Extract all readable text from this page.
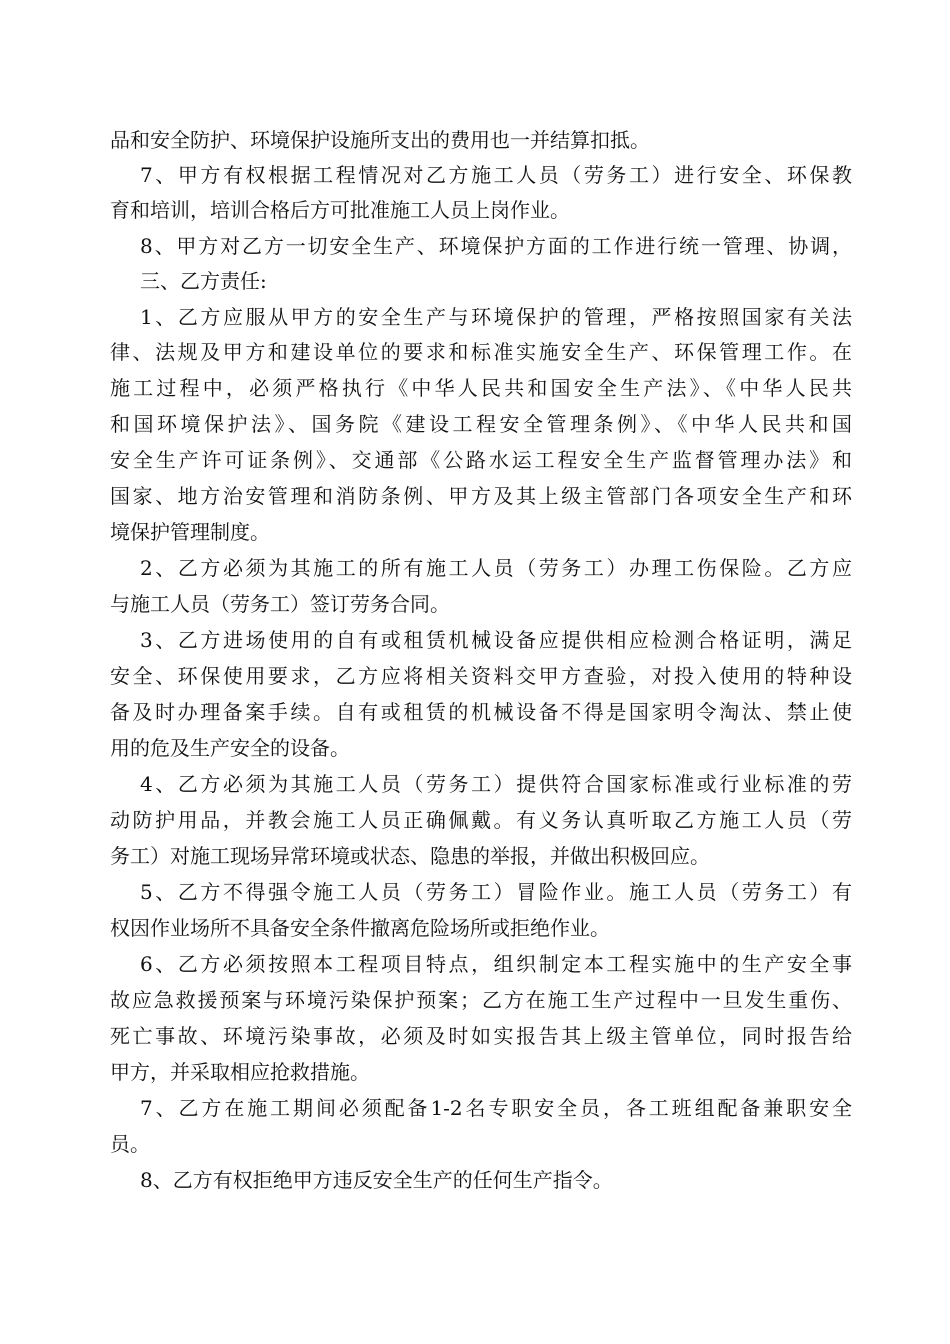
品和安全防护、环境保护设施所支出的费用也一并结算扣抵。
7、甲方有权根据工程情况对乙方施工人员（劳务工）进行安全、环保教
育和培训，培训合格后方可批准施工人员上岗作业。
8、甲方对乙方一切安全生产、环境保护方面的工作进行统一管理、协调，
三、乙方责任:
1、乙方应服从甲方的安全生产与环境保护的管理，严格按照国家有关法
律、法规及甲方和建设单位的要求和标准实施安全生产、环保管理工作。在
施工过程中，必须严格执行《中华人民共和国安全生产法》、《中华人民共
和国环境保护法》、国务院《建设工程安全管理条例》、《中华人民共和国
安全生产许可证条例》、交通部《公路水运工程安全生产监督管理办法》和
国家、地方治安管理和消防条例、甲方及其上级主管部门各项安全生产和环
境保护管理制度。
2、乙方必须为其施工的所有施工人员（劳务工）办理工伤保险。乙方应
与施工人员（劳务工）签订劳务合同。
3、乙方进场使用的自有或租赁机械设备应提供相应检测合格证明，满足
安全、环保使用要求，乙方应将相关资料交甲方查验，对投入使用的特种设
备及时办理备案手续。自有或租赁的机械设备不得是国家明令淘汰、禁止使
用的危及生产安全的设备。
4、乙方必须为其施工人员（劳务工）提供符合国家标准或行业标准的劳
动防护用品，并教会施工人员正确佩戴。有义务认真听取乙方施工人员（劳
务工）对施工现场异常环境或状态、隐患的举报，并做出积极回应。
5、乙方不得强令施工人员（劳务工）冒险作业。施工人员（劳务工）有
权因作业场所不具备安全条件撤离危险场所或拒绝作业。
6、乙方必须按照本工程项目特点，组织制定本工程实施中的生产安全事
故应急救援预案与环境污染保护预案；乙方在施工生产过程中一旦发生重伤、
死亡事故、环境污染事故，必须及时如实报告其上级主管单位，同时报告给
甲方，并采取相应抢救措施。
7、乙方在施工期间必须配备1-2名专职安全员，各工班组配备兼职安全
员。
8、乙方有权拒绝甲方违反安全生产的任何生产指令。
